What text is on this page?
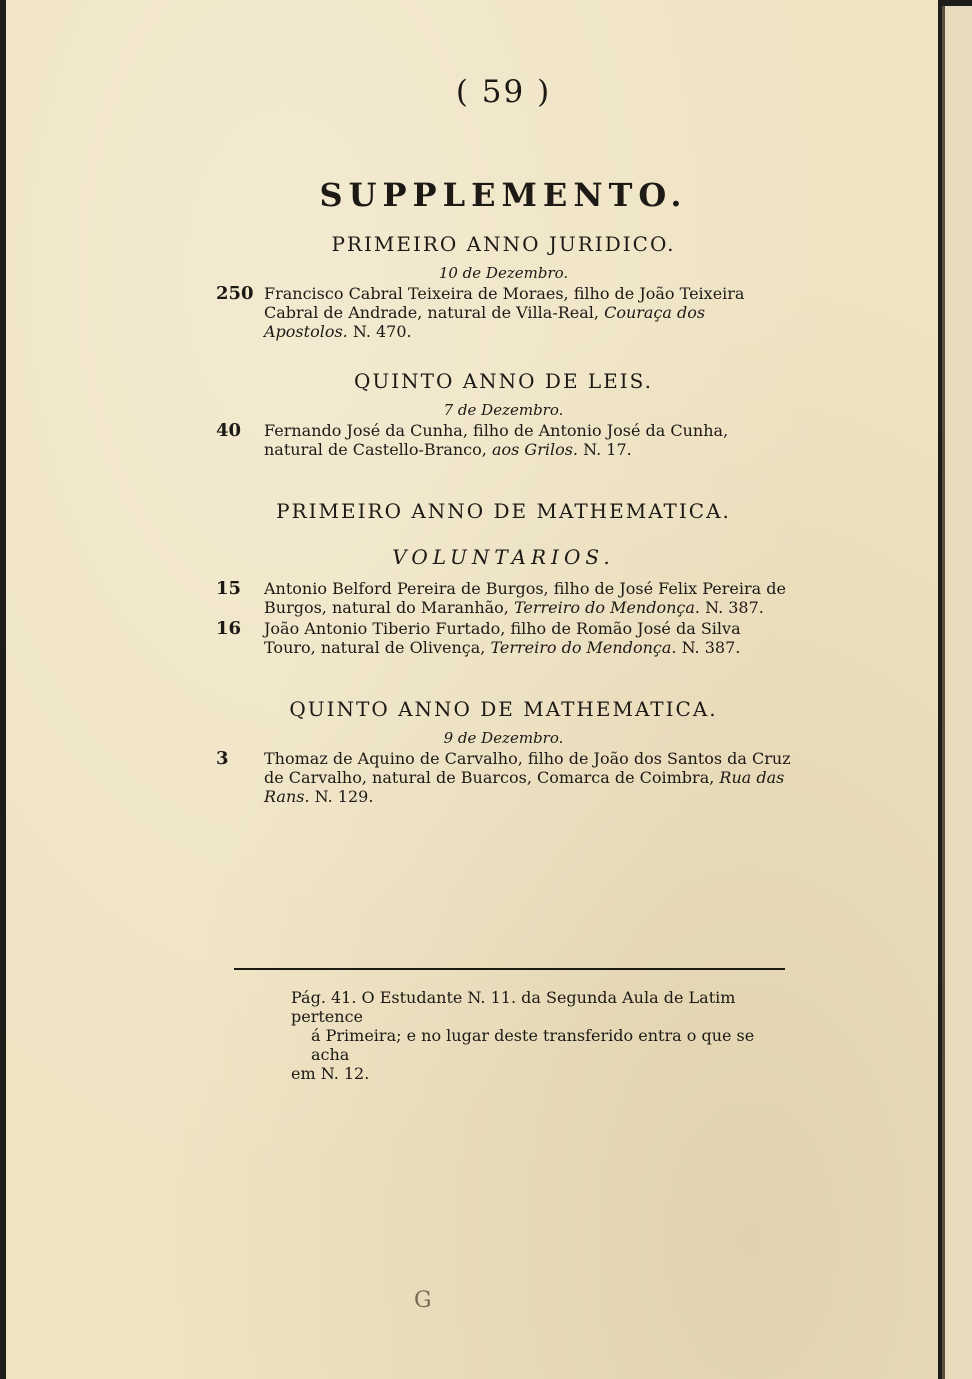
( 59 )
SUPPLEMENTO.
PRIMEIRO ANNO JURIDICO.
10 de Dezembro.
250 Francisco Cabral Teixeira de Moraes, filho de João Teixeira Cabral de Andrade, natural de Villa-Real, Couraça dos Apostolos. N. 470.
QUINTO ANNO DE LEIS.
7 de Dezembro.
40 Fernando José da Cunha, filho de Antonio José da Cunha, natural de Castello-Branco, aos Grilos. N. 17.
PRIMEIRO ANNO DE MATHEMATICA.
VOLUNTARIOS.
15 Antonio Belford Pereira de Burgos, filho de José Felix Pereira de Burgos, natural do Maranhão, Terreiro do Mendonça. N. 387.
16 João Antonio Tiberio Furtado, filho de Romão José da Silva Touro, natural de Olivença, Terreiro do Mendonça. N. 387.
QUINTO ANNO DE MATHEMATICA.
9 de Dezembro.
3 Thomaz de Aquino de Carvalho, filho de João dos Santos da Cruz de Carvalho, natural de Buarcos, Comarca de Coimbra, Rua das Rans. N. 129.
Pág. 41. O Estudante N. 11. da Segunda Aula de Latim pertence
á Primeira; e no lugar deste transferido entra o que se acha
em N. 12.
G
